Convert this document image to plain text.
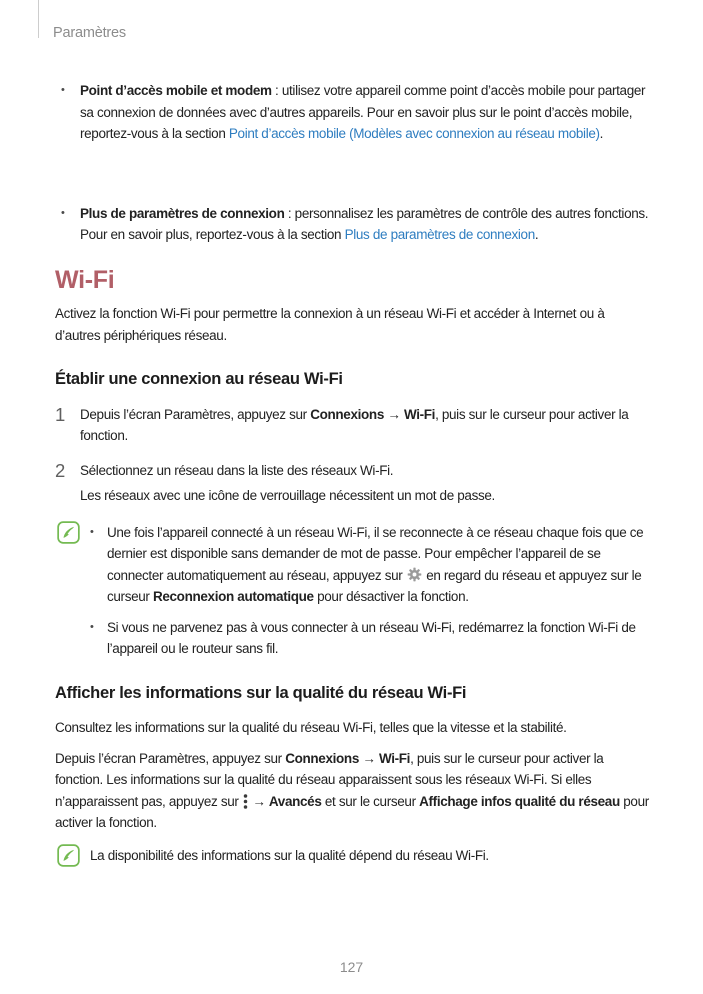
Paramètres
• Point d’accès mobile et modem : utilisez votre appareil comme point d’accès mobile pour partager sa connexion de données avec d’autres appareils. Pour en savoir plus sur le point d’accès mobile, reportez-vous à la section Point d’accès mobile (Modèles avec connexion au réseau mobile).

• Plus de paramètres de connexion : personnalisez les paramètres de contrôle des autres fonctions. Pour en savoir plus, reportez-vous à la section Plus de paramètres de connexion.

Wi-Fi

Activez la fonction Wi-Fi pour permettre la connexion à un réseau Wi-Fi et accéder à Internet ou à d’autres périphériques réseau.

Établir une connexion au réseau Wi-Fi
1	Depuis l’écran Paramètres, appuyez sur Connexions → Wi-Fi, puis sur le curseur pour activer la fonction.

2	Sélectionnez un réseau dans la liste des réseaux Wi-Fi.

Les réseaux avec une icône de verrouillage nécessitent un mot de passe.

• Une fois l’appareil connecté à un réseau Wi-Fi, il se reconnecte à ce réseau chaque fois que ce dernier est disponible sans demander de mot de passe. Pour empêcher l’appareil de se connecter automatiquement au réseau, appuyez sur  en regard du réseau et appuyez sur le curseur Reconnexion automatique pour désactiver la fonction.

• Si vous ne parvenez pas à vous connecter à un réseau Wi-Fi, redémarrez la fonction Wi-Fi de l’appareil ou le routeur sans fil.

Afficher les informations sur la qualité du réseau Wi-Fi

Consultez les informations sur la qualité du réseau Wi-Fi, telles que la vitesse et la stabilité.

Depuis l’écran Paramètres, appuyez sur Connexions → Wi-Fi, puis sur le curseur pour activer la fonction. Les informations sur la qualité du réseau apparaissent sous les réseaux Wi-Fi. Si elles n’apparaissent pas, appuyez sur  → Avancés et sur le curseur Affichage infos qualité du réseau pour activer la fonction.

La disponibilité des informations sur la qualité dépend du réseau Wi-Fi.

127
